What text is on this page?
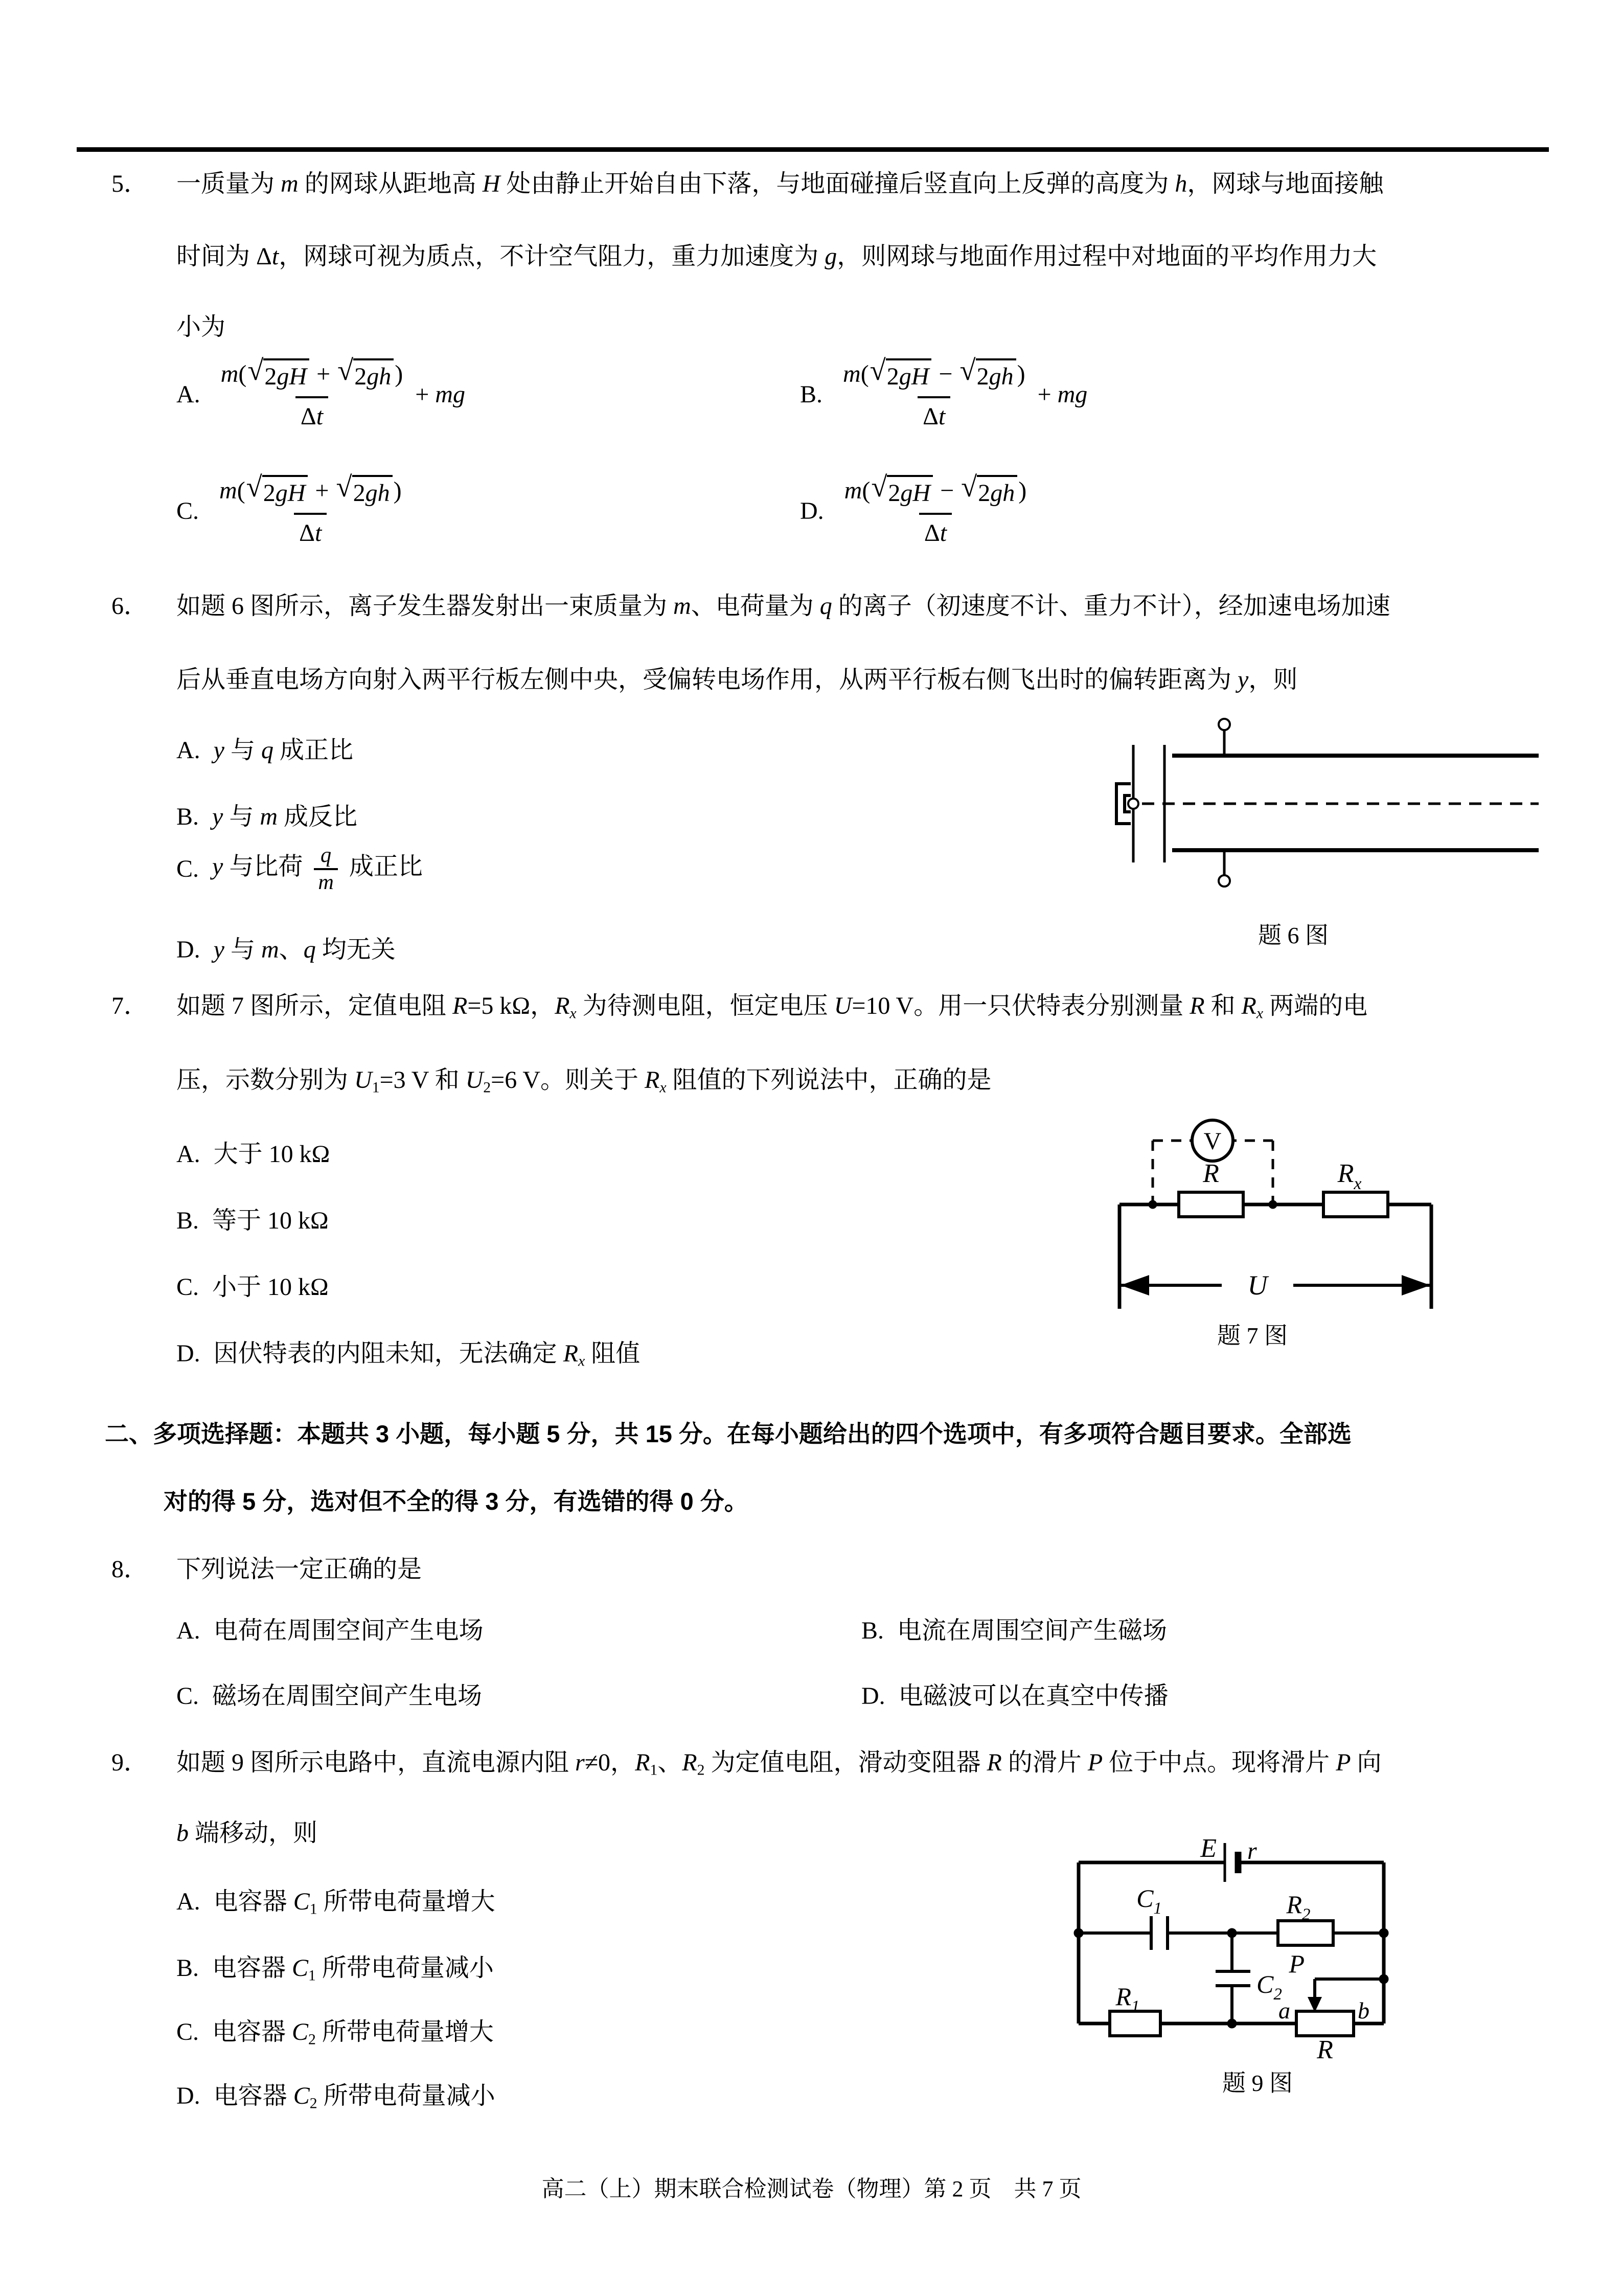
5． 一质量为 m 的网球从距地高 H 处由静止开始自由下落，与地面碰撞后竖直向上反弹的高度为 h，网球与地面接触
时间为 Δt，网球可视为质点，不计空气阻力，重力加速度为 g，则网球与地面作用过程中对地面的平均作用力大
小为
A. $\frac{m( √ 2gH + √ 2gh )}{\Delta t}$ + mg	B. $\frac{m( √ 2gH - √ 2gh )}{\Delta t}$ + mg
C. $\frac{m( √ 2gH + √ 2gh )}{\Delta t}$	D. $\frac{m( √ 2gH - √ 2gh )}{\Delta t}$
6． 如题 6 图所示，离子发生器发射出一束质量为 m、电荷量为 q 的离子（初速度不计、重力不计），经加速电场加速
后从垂直电场方向射入两平行板左侧中央，受偏转电场作用，从两平行板右侧飞出时的偏转距离为 y，则
A. y 与 q 成正比
B. y 与 m 成反比
C. y 与比荷 $\frac{q}{m}$ 成正比
D. y 与 m、q 均无关
题 6 图
7． 如题 7 图所示，定值电阻 R=5 kΩ，Rx 为待测电阻，恒定电压 U=10 V。用一只伏特表分别测量 R 和 Rx 两端的电
压，示数分别为 $U_1=3$ V 和 $U_2=6$ V。则关于 Rx 阻值的下列说法中，正确的是
A. 大于 10 kΩ
B. 等于 10 kΩ
C. 小于 10 kΩ
D. 因伏特表的内阻未知，无法确定 Rx 阻值
V
R	$R_x$
U
题 7 图
二、多项选择题：本题共 3 小题，每小题 5 分，共 15 分。在每小题给出的四个选项中，有多项符合题目要求。全部选
对的得 5 分，选对但不全的得 3 分，有选错的得 0 分。
8． 下列说法一定正确的是
A. 电荷在周围空间产生电场	B. 电流在周围空间产生磁场
C. 磁场在周围空间产生电场	D. 电磁波可以在真空中传播
9． 如题 9 图所示电路中，直流电源内阻 r≠0，$R_1$、$R_2$ 为定值电阻，滑动变阻器 R 的滑片 P 位于中点。现将滑片 P 向
b 端移动，则
A. 电容器 $C_1$ 所带电荷量增大
B. 电容器 $C_1$ 所带电荷量减小
C. 电容器 $C_2$ 所带电荷量增大
D. 电容器 $C_2$ 所带电荷量减小
E r
$C_1$	$R_2$
$C_2$
$R_1$
P
a	b
R
题 9 图
高二（上）期末联合检测试卷（物理）第 2 页　共 7 页
